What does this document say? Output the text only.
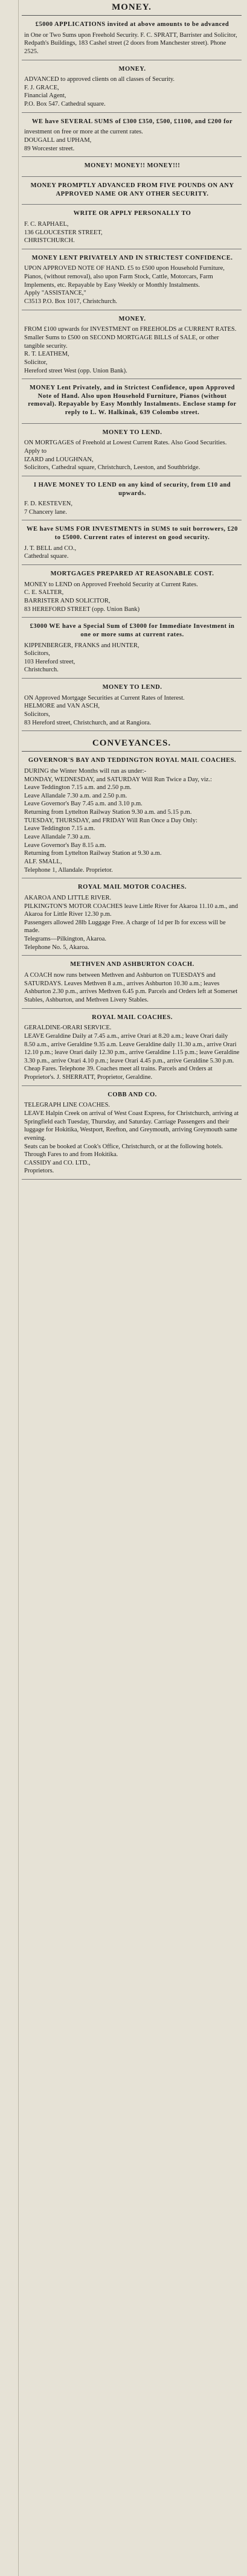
MONEY.
£5000 APPLICATIONS invited at above amounts to be advanced
in One or Two Sums upon Freehold Security. F. C. SPRATT, Barrister and Solicitor, Redpath's Buildings, 183 Cashel street (2 doors from Manchester street). Phone 2525.
MONEY.
ADVANCED to approved clients on all classes of Security.
F. J. GRACE,
Financial Agent,
P.O. Box 547. Cathedral square.
WE have SEVERAL SUMS of £300 £350, £500, £1100, and £200 for
investment on free or more at the current rates.
DOUGALL and UPHAM,
89 Worcester street.
MONEY! MONEY!! MONEY!!!
MONEY PROMPTLY ADVANCED FROM FIVE POUNDS ON ANY APPROVED NAME OR ANY OTHER SECURITY.
WRITE OR APPLY PERSONALLY TO
F. C. RAPHAEL,
136 GLOUCESTER STREET,
CHRISTCHURCH.
MONEY LENT PRIVATELY AND IN STRICTEST CONFIDENCE.
UPON APPROVED NOTE OF HAND. £5 to £500 upon Household Furniture, Pianos, (without removal), also upon Farm Stock, Cattle, Motorcars, Farm Implements, etc. Repayable by Easy Weekly or Monthly Instalments.
Apply "ASSISTANCE,"
C3513 P.O. Box 1017, Christchurch.
MONEY.
FROM £100 upwards for INVESTMENT on FREEHOLDS at CURRENT RATES. Smaller Sums to £500 on SECOND MORTGAGE BILLS of SALE, or other tangible security.
R. T. LEATHEM,
Solicitor,
Hereford street West (opp. Union Bank).
MONEY Lent Privately, and in Strictest Confidence, upon Approved Note of Hand. Also upon Household Furniture, Pianos (without removal). Repayable by Easy Monthly Instalments. Enclose stamp for reply to L. W. Halkinak, 639 Colombo street.
MONEY TO LEND.
ON MORTGAGES of Freehold at Lowest Current Rates. Also Good Securities. Apply to
IZARD and LOUGHNAN,
Solicitors, Cathedral square, Christchurch, Leeston, and Southbridge.
I HAVE MONEY TO LEND on any kind of security, from £10 and upwards.
F. D. KESTEVEN,
7 Chancery lane.
WE have SUMS FOR INVESTMENTS in SUMS to suit borrowers, £20 to £5000. Current rates of interest on good security.
J. T. BELL and CO.,
Cathedral square.
MORTGAGES PREPARED AT REASONABLE COST.
MONEY to LEND on Approved Freehold Security at Current Rates.
C. E. SALTER,
BARRISTER AND SOLICITOR,
83 HEREFORD STREET (opp. Union Bank)
£3000 WE have a Special Sum of £3000 for Immediate Investment in one or more sums at current rates.
KIPPENBERGER, FRANKS and HUNTER,
Solicitors,
103 Hereford street,
Christchurch.
MONEY TO LEND.
ON Approved Mortgage Securities at Current Rates of Interest.
HELMORE and VAN ASCH,
Solicitors,
83 Hereford street, Christchurch, and at Rangiora.
CONVEYANCES.
GOVERNOR'S BAY AND TEDDINGTON ROYAL MAIL COACHES.
DURING the Winter Months will run as under:-
MONDAY, WEDNESDAY, and SATURDAY Will Run Twice a Day, viz.:
Leave Teddington 7.15 a.m. and 2.50 p.m.
Leave Allandale 7.30 a.m. and 2.50 p.m.
Leave Governor's Bay 7.45 a.m. and 3.10 p.m.
Returning from Lyttelton Railway Station 9.30 a.m. and 5.15 p.m.
TUESDAY, THURSDAY, and FRIDAY Will Run Once a Day Only:
Leave Teddington 7.15 a.m.
Leave Allandale 7.30 a.m.
Leave Governor's Bay 8.15 a.m.
Returning from Lyttelton Railway Station at 9.30 a.m.
ALF. SMALL,
Telephone 1, Allandale. Proprietor.
ROYAL MAIL MOTOR COACHES.
AKAROA AND LITTLE RIVER.
PILKINGTON'S MOTOR COACHES leave Little River for Akaroa 11.10 a.m., and Akaroa for Little River 12.30 p.m.
Passengers allowed 28lb Luggage Free. A charge of 1d per lb for excess will be made.
Telegrams—Pilkington, Akaroa.
Telephone No. 5, Akaroa.
METHVEN AND ASHBURTON COACH.
A COACH now runs between Methven and Ashburton on TUESDAYS and SATURDAYS. Leaves Methven 8 a.m., arrives Ashburton 10.30 a.m.; leaves Ashburton 2.30 p.m., arrives Methven 6.45 p.m. Parcels and Orders left at Somerset Stables, Ashburton, and Methven Livery Stables.
ROYAL MAIL COACHES.
GERALDINE-ORARI SERVICE.
LEAVE Geraldine Daily at 7.45 a.m., arrive Orari at 8.20 a.m.; leave Orari daily 8.50 a.m., arrive Geraldine 9.35 a.m. Leave Geraldine daily 11.30 a.m., arrive Orari 12.10 p.m.; leave Orari daily 12.30 p.m., arrive Geraldine 1.15 p.m.; leave Geraldine 3.30 p.m., arrive Orari 4.10 p.m.; leave Orari 4.45 p.m., arrive Geraldine 5.30 p.m. Cheap Fares. Telephone 39. Coaches meet all trains. Parcels and Orders at Proprietor's. J. SHERRATT, Proprietor, Geraldine.
COBB AND CO.
TELEGRAPH LINE COACHES.
LEAVE Halpin Creek on arrival of West Coast Express, for Christchurch, arriving at Springfield each Tuesday, Thursday, and Saturday. Carriage Passengers and their luggage for Hokitika, Westport, Reefton, and Greymouth, arriving Greymouth same evening.
Seats can be booked at Cook's Office, Christchurch, or at the following hotels. Through Fares to and from Hokitika.
CASSIDY and CO. LTD.,
Proprietors.
